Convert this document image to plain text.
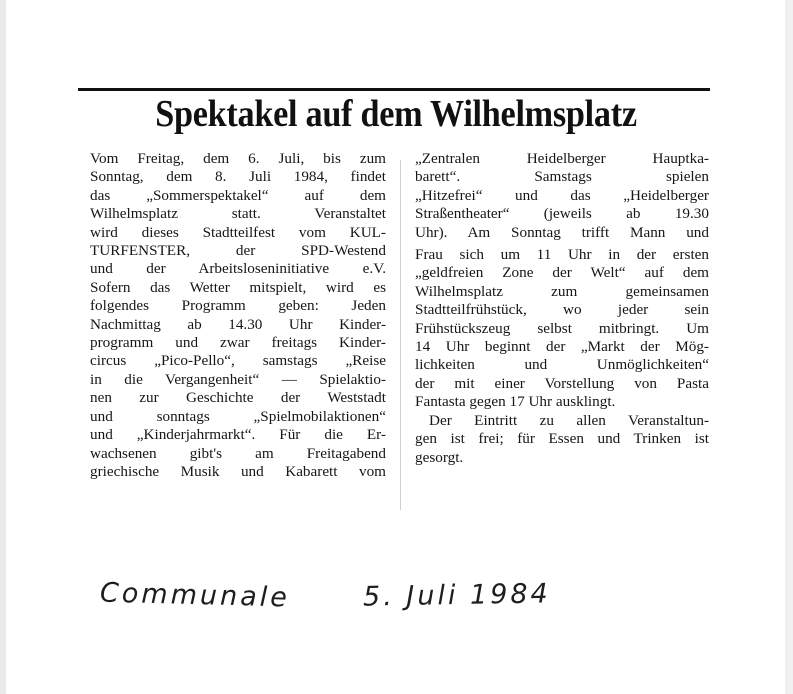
Spektakel auf dem Wilhelmsplatz
Vom Freitag, dem 6. Juli, bis zum
Sonntag, dem 8. Juli 1984, findet
das „Sommerspektakel“ auf dem
Wilhelmsplatz statt. Veranstaltet
wird dieses Stadtteilfest vom KUL-
TURFENSTER, der SPD-Westend
und der Arbeitsloseninitiative e.V.
Sofern das Wetter mitspielt, wird es
folgendes Programm geben: Jeden
Nachmittag ab 14.30 Uhr Kinder-
programm und zwar freitags Kinder-
circus „Pico-Pello“, samstags „Reise
in die Vergangenheit“ — Spielaktio-
nen zur Geschichte der Weststadt
und sonntags „Spielmobilaktionen“
und „Kinderjahrmarkt“. Für die Er-
wachsenen gibt's am Freitagabend
griechische Musik und Kabarett vom
„Zentralen Heidelberger Hauptka-
barett“. Samstags spielen
„Hitzefrei“ und das „Heidelberger
Straßentheater“ (jeweils ab 19.30
Uhr). Am Sonntag trifft Mann und
Frau sich um 11 Uhr in der ersten
„geldfreien Zone der Welt“ auf dem
Wilhelmsplatz zum gemeinsamen
Stadtteilfrühstück, wo jeder sein
Frühstückszeug selbst mitbringt. Um
14 Uhr beginnt der „Markt der Mög-
lichkeiten und Unmöglichkeiten“
der mit einer Vorstellung von Pasta
Fantasta gegen 17 Uhr ausklingt.
Der Eintritt zu allen Veranstaltun-
gen ist frei; für Essen und Trinken ist
gesorgt.
Communale	5. Juli 1984
